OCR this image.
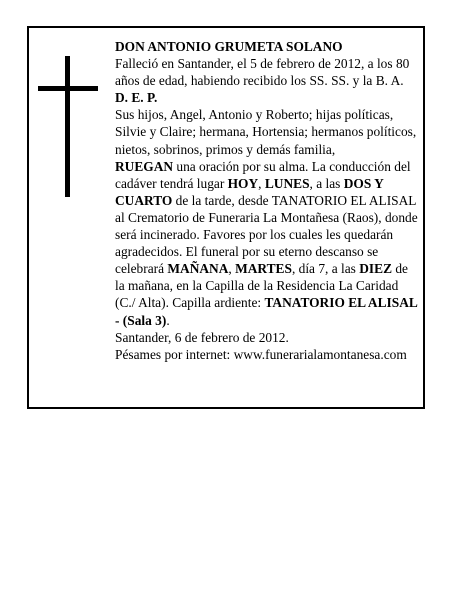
DON ANTONIO GRUMETA SOLANO

Falleció en Santander, el 5 de febrero de 2012, a los 80 años de edad, habiendo recibido los SS. SS. y la B. A.

D. E. P.

Sus hijos, Angel, Antonio y Roberto; hijas políticas, Silvie y Claire; hermana, Hortensia; hermanos políticos, nietos, sobrinos, primos y demás familia,

RUEGAN una oración por su alma. La conducción del cadáver tendrá lugar HOY, LUNES, a las DOS Y CUARTO de la tarde, desde TANATORIO EL ALISAL al Crematorio de Funeraria La Montañesa (Raos), donde será incinerado. Favores por los cuales les quedarán agradecidos. El funeral por su eterno descanso se celebrará MAÑANA, MARTES, día 7, a las DIEZ de la mañana, en la Capilla de la Residencia La Caridad (C./ Alta). Capilla ardiente: TANATORIO EL ALISAL - (Sala 3).

Santander, 6 de febrero de 2012.

Pésames por internet: www.funerarialamontanesa.com
